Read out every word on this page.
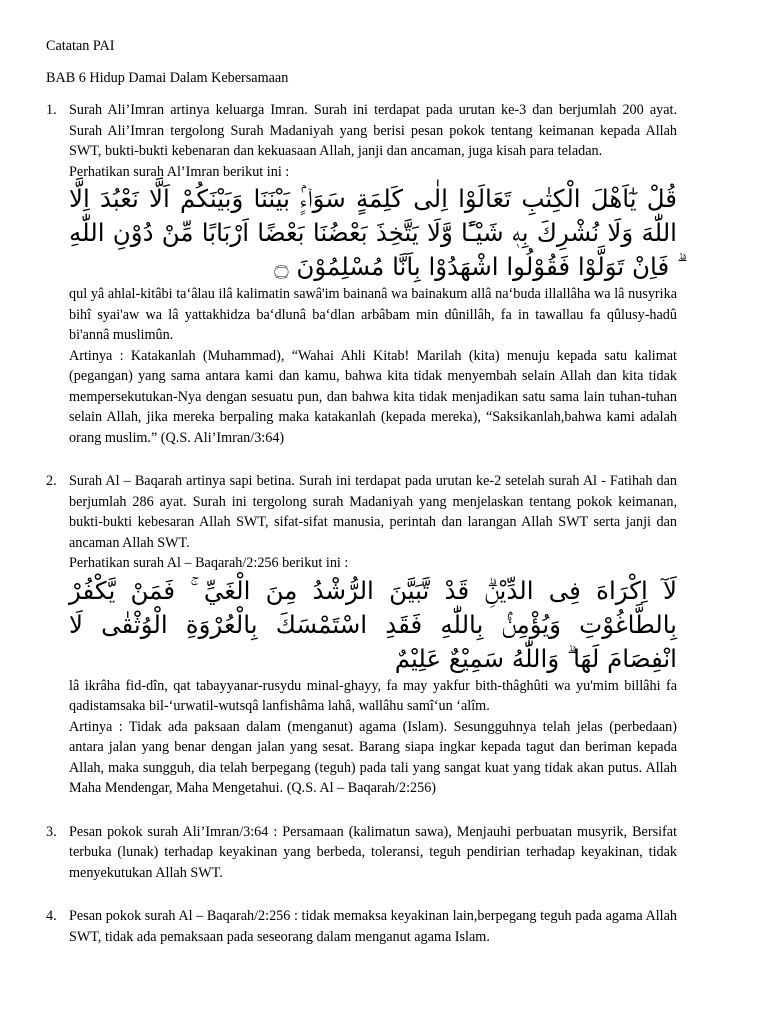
Catatan PAI
BAB 6 Hidup Damai Dalam Kebersamaan
1. Surah Ali’Imran artinya keluarga Imran. Surah ini terdapat pada urutan ke-3 dan berjumlah 200 ayat. Surah Ali’Imran tergolong Surah Madaniyah yang berisi pesan pokok tentang keimanan kepada Allah SWT, bukti-bukti kebenaran dan kekuasaan Allah, janji dan ancaman, juga kisah para teladan.

Perhatikan surah Al’Imran berikut ini :

قُلْ يٰٓاَهْلَ الْكِتٰبِ تَعَالَوْا اِلٰى كَلِمَةٍ سَوَاۤءٍۢ بَيْنَنَا وَبَيْنَكُمْ اَلَّا نَعْبُدَ اِلَّا اللّٰهَ وَلَا نُشْرِكَ بِهٖ شَيْـًٔا وَّلَا يَتَّخِذَ بَعْضُنَا بَعْضًا اَرْبَابًا مِّنْ دُوْنِ اللّٰهِ ۗ فَاِنْ تَوَلَّوْا فَقُوْلُوا اشْهَدُوْا بِاَنَّا مُسْلِمُوْنَ ۝

qul yâ ahlal-kitâbi ta‘âlau ilâ kalimatin sawâ'im bainanâ wa bainakum allâ na‘buda illallâha wa lâ nusyrika bihî syai'aw wa lâ yattakhidza ba‘dlunâ ba‘dlan arbâbam min dûnillâh, fa in tawallau fa qûlusy-hadû bi'annâ muslimûn.

Artinya : Katakanlah (Muhammad), “Wahai Ahli Kitab! Marilah (kita) menuju kepada satu kalimat (pegangan) yang sama antara kami dan kamu, bahwa kita tidak menyembah selain Allah dan kita tidak mempersekutukan-Nya dengan sesuatu pun, dan bahwa kita tidak menjadikan satu sama lain tuhan-tuhan selain Allah, jika mereka berpaling maka katakanlah (kepada mereka), “Saksikanlah,bahwa kami adalah orang muslim.” (Q.S. Ali’Imran/3:64)

2. Surah Al – Baqarah artinya sapi betina. Surah ini terdapat pada urutan ke-2 setelah surah Al - Fatihah dan berjumlah 286 ayat. Surah ini tergolong surah Madaniyah yang menjelaskan tentang pokok keimanan, bukti-bukti kebesaran Allah SWT, sifat-sifat manusia, perintah dan larangan Allah SWT serta janji dan ancaman Allah SWT.

Perhatikan surah Al – Baqarah/2:256 berikut ini :

لَآ اِكْرَاهَ فِى الدِّيْنِۗ قَدْ تَّبَيَّنَ الرُّشْدُ مِنَ الْغَيِّ ۚ فَمَنْ يَّكْفُرْ بِالطَّاغُوْتِ وَيُؤْمِنْۢ بِاللّٰهِ فَقَدِ اسْتَمْسَكَ بِالْعُرْوَةِ الْوُثْقٰى لَا انْفِصَامَ لَهَا ۗ وَاللّٰهُ سَمِيْعٌ عَلِيْمٌ

lâ ikrâha fid-dîn, qat tabayyanar-rusydu minal-ghayy, fa may yakfur bith-thâghûti wa yu'mim billâhi fa qadistamsaka bil-‘urwatil-wutsqâ lanfishâma lahâ, wallâhu samî‘un ‘alîm.

Artinya : Tidak ada paksaan dalam (menganut) agama (Islam). Sesungguhnya telah jelas (perbedaan) antara jalan yang benar dengan jalan yang sesat. Barang siapa ingkar kepada tagut dan beriman kepada Allah, maka sungguh, dia telah berpegang (teguh) pada tali yang sangat kuat yang tidak akan putus. Allah Maha Mendengar, Maha Mengetahui. (Q.S. Al – Baqarah/2:256)

3. Pesan pokok surah Ali’Imran/3:64 : Persamaan (kalimatun sawa), Menjauhi perbuatan musyrik, Bersifat terbuka (lunak) terhadap keyakinan yang berbeda, toleransi, teguh pendirian terhadap keyakinan, tidak menyekutukan Allah SWT.

4. Pesan pokok surah Al – Baqarah/2:256 : tidak memaksa keyakinan lain,berpegang teguh pada agama Allah SWT, tidak ada pemaksaan pada seseorang dalam menganut agama Islam.
